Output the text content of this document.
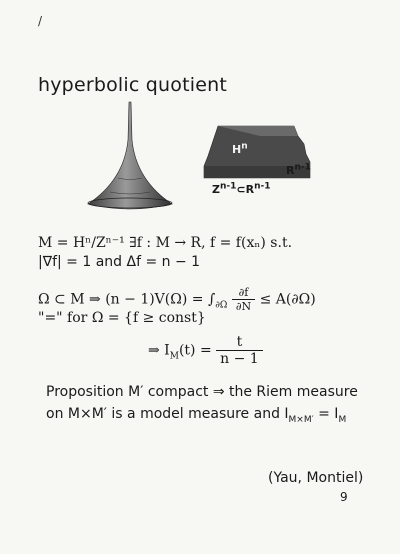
/
hyperbolic quotient
$H^n$
$R^{n-1}$
$Z^{n-1}\subset R^{n-1}$
M = Hⁿ/Zⁿ⁻¹ ∃f : M → R, f = f(xₙ) s.t.
|∇f| = 1 and Δf = n − 1
Ω ⊂ M ⇒ $(n - 1)V(\Omega) = \int_{\partial\Omega} \frac{\partial f}{\partial N} \le A(\partial\Omega)$
"=" for Ω = {f ≥ const}
⇒ $I_M(t) = \frac{t}{n - 1}$
Proposition M′ compact ⇒ the Riem measure
on M×M′ is a model measure and $I_{M\times M'} = I_M$
(Yau, Montiel)
9
